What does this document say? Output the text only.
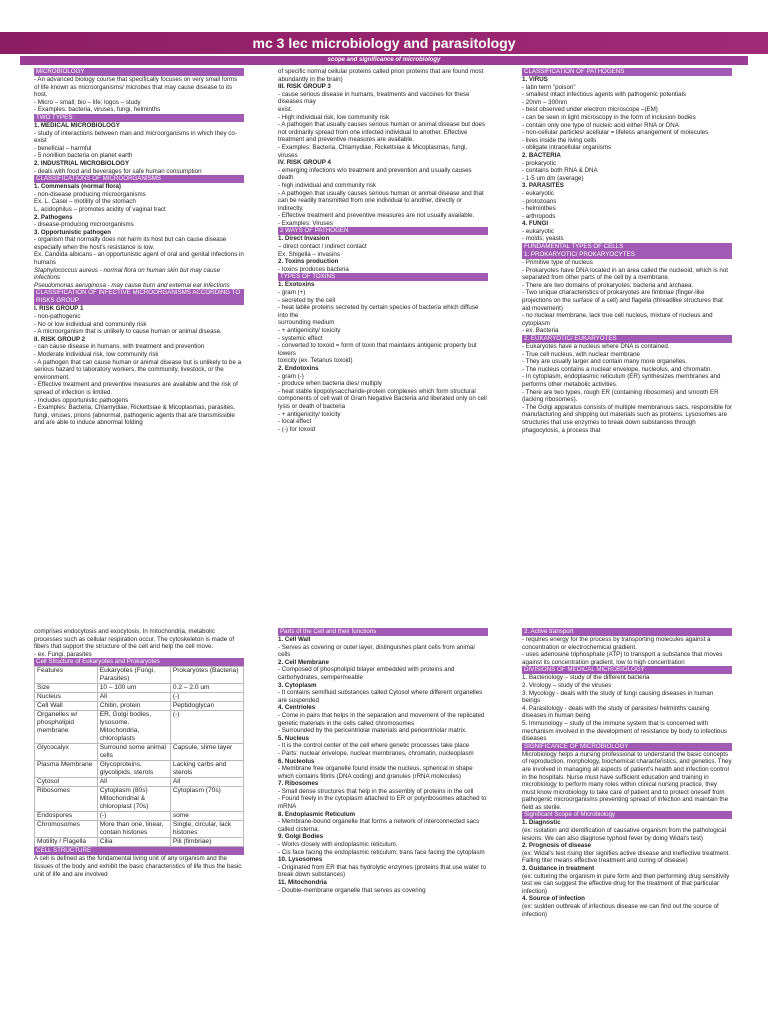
mc 3 lec microbiology and parasitology
scope and significance of microbiology
MICROBIOLOGY
- An advanced biology course that specifically focuses on very small forms of life known as microorganisms/ microbes that may cause disease to its host.
- Micro – small; bio – life; logos – study
- Examples: bacteria, viruses, fungi, helminths
TWO TYPES:
1. MEDICAL MICROBIOLOGY
- study of interactions between man and microorganisms in which they co-exist
- beneficial – harmful
- 5 nonillion bacteria on planet earth
2. INDUSTRIAL MICROBIOLOGY
- deals with food and beverages for safe human consumption
CLASSIFICATIONS OF MICROORGANISMS
1. Commensals (normal flora)
- non-disease producing microorganisms
Ex. L. Casei – motility of the stomach
L. acidophilus – promotes acidity of vaginal tract
2. Pathogens
- disease-producing microorganisms
3. Opportunistic pathogen
- organism that normally does not harm its host but can cause disease
especially when the host's resistance is low.
Ex. Candida albicans - an opportunistic agent of oral and genital infections in humans
Staphylococcus aureus - normal flora on human skin but may cause infections
Pseudomonas aeruginosa - may cause burn and external ear infections
CLASSIFICATION OF INFECTIVE MICROORGANISMS ACCORDING TO RISKS GROUP
I. RISK GROUP 1
- non-pathogenic
- No or low individual and community risk
- A microorganism that is unlikely to cause human or animal disease.
II. RISK GROUP 2
- can cause disease in humans, with treatment and prevention
- Moderate individual risk, low community risk
- A pathogen that can cause human or animal disease but is unlikely to be a serious hazard to laboratory workers, the community, livestock, or the environment.
- Effective treatment and preventive measures are available and the risk of spread of infection is limited.
- Includes opportunistic pathogens
- Examples: Bacteria, Chlamydiae, Rickettsiae & Micoplasmas, parasites, fungi, viruses, prions (abnormal, pathogenic agents that are transmissible and are able to induce abnormal folding
of specific normal cellular proteins called prion proteins that are found most abundantly in the brain)
III. RISK GROUP 3
- cause serious disease in humans, treatments and vaccines for these diseases may
exist.
- High individual risk, low community risk
- A pathogen that usually causes serious human or animal disease but does not ordinarily spread from one infected individual to another. Effective treatment and preventive measures are available.
- Examples: Bacteria, Chlamydiae, Rickettsiae & Micoplasmas, fungi, viruses
IV. RISK GROUP 4
- emerging infections w/o treatment and prevention and usually causes death
- high individual and community risk
- A pathogen that usually causes serious human or animal disease and that can be readily transmitted from one individual to another, directly or indirectly.
- Effective treatment and preventive measures are not usually available.
- Examples: Viruses
2 WAYS OF PATHOGEN
1. Direct Invasion
– direct contact / indirect contact
Ex. Shigella – invasins
2. Toxins production
- toxins produces bacteria
TYPES OF TOXINS
1. Exotoxins
- gram (+)
- secreted by the cell
- heat labile proteins secreted by certain species of bacteria which diffuse into the
surrounding medium
- + antigenicity/ toxicity
- systemic effect
- converted to toxoid = form of toxin that maintains antigenic property but lowers
toxicity (ex. Tetanus toxoid)
2. Endotoxins
- gram (-)
- produce when bacteria dies/ multiply
- heat stable lipopolysaccharide-protein complexes which form structural components of cell wall of Gram Negative Bacteria and liberated only on cell lysis or death of bacteria
- + antigenicity/ toxicity
- local effect
- (-) for toxoid
CLASSIFICATION OF PATHOGENS
1. VIRUS
- latin term "poison"
- smallest intact infectious agents with pathogenic potentials
- 20nm – 300nm
- best observed under electron microscope –(EM)
- can be seen in light microscopy in the form of inclusion bodies
- contain only one type of nucleic acid either RNA or DNA
- non-cellular particles/ acellular = lifeless arrangement of molecules
- lives inside the living cells
- obligate intracellular organisms
2. BACTERIA
- prokaryotic
- contains both RNA & DNA
- 1-5 um dm (average)
3. PARASITES
- eukaryotic
- protozoans
- helminthes
- arthropods
4. FUNGI
- eukaryotic
- molds; yeasts
FUNDAMENTAL TYPES OF CELLS
1. PROKARYOTIC/ PROKARYOCYTES
- Primitive type of nucleus
- Prokaryotes have DNA located in an area called the nucleoid, which is not separated from other parts of the cell by a membrane.
- There are two domains of prokaryotes: bacteria and archaea.
- Two unique characteristics of prokaryotes are fimbriae (finger-like projections on the surface of a cell) and flagella (threadlike structures that aid movement)
- no nuclear membrane, lack true cell nucleus, mixture of nucleus and cytoplasm
- ex. Bacteria
2. EUKARYOTIC/ EUKARYOTES
- Eukaryotes have a nucleus where DNA is contained.
- True cell nucleus, with nuclear membrane
- They are usually larger and contain many more organelles.
- The nucleus contains a nuclear envelope, nucleolus, and chromatin.
- In cytoplasm, endoplasmic reticulum (ER) synthesizes membranes and performs other metabolic activities.
- There are two types, rough ER (containing ribosomes) and smooth ER (lacking ribosomes).
- The Golgi apparatus consists of multiple membranous sacs, responsible for manufacturing and shipping out materials such as proteins. Lysosomes are structures that use enzymes to break down substances through phagocytosis, a process that
comprises endocytosis and exocytosis. In mitochondria, metabolic processes such as cellular respiration occur. The cytoskeleton is made of fibers that support the structure of the cell and help the cell move.
- ex. Fungi, parasites
Cell Structure of Eukaryotes and Prokaryotes
Features	Eukaryotes (Fungi, Parasites)	Prokaryotes (Bacteria)
Size	10 – 100 um	0.2 – 2.0 um
Nucleus	All	(-)
Cell Wall	Chitin, protein	Peptidoglycan
Organelles w/ phospholipid membrane	ER, Golgi bodies, lysosome. Mitochondria, chloroplasts	(-)
Glycocalyx	Surround some animal cells	Capsule, slime layer
Plasma Membrane	Glycoproteins, glycolipids, sterols	Lacking carbs and sterols
Cytosol	All	All
Ribosomes	Cytoplasm (80s) Mitochondrial & chloroplast (70s)	Cytoplasm (70s)
Endospores	(-)	some
Chromosomes	More than one, linear, contain histones	Single, circular, lack histones
Motility / Flagella	Cilia	Pili (fimbriae)
CELL STRUCTURE
A cell is defined as the fundamental living unit of any organism and the tissues of the body and exhibit the basic characteristics of life thus the basic unit of life and are involved
Parts of the Cell and their functions
1. Cell Wall
- Serves as covering or outer layer, distinguishes plant cells from animal cells
2. Cell Membrane
- Composed of phospholipid bilayer embedded with proteins and carbohydrates, semipermeable
3. Cytoplasm
- It contains semifluid substances called Cytosol where different organelles are suspended
4. Centrioles
- Come in pairs that helps in the separation and movement of the replicated genetic materials in the cells called chromosomes
- Surrounded by the pericentriolar materials and pericentriolar matrix.
5. Nucleus
- It is the control center of the cell where genetic processes take place
- Parts: nuclear envelope, nuclear membranes, chromatin, nucleoplasm
6. Nucleolus
- Membrane free organelle found inside the nucleus, spherical in shape which contains fibrils (DNA coding) and granules (rRNA molecules)
7. Ribosomes
- Small dense structures that help in the assembly of proteins in the cell
- Found freely in the cytoplasm attached to ER or polyribosomes attached to mRNA
8. Endoplasmic Reticulum
- Membrane-bound organelle that forms a network of interconnected sacs called cisterna.
9. Golgi Bodies
- Works closely with endoplasmic reticulum.
- Cis face facing the endoplasmic reticulum; trans face facing the cytoplasm
10. Lysosomes
- Originated from ER that has hydrolytic enzymes (proteins that use water to break down substances)
11. Mitochondria
- Double-membrane organelle that serves as covering
2. Active transport
- requires energy for the process by transporting molecules against a concentration or electrochemical gradient.
- uses adenosine triphosphate (ATP) to transport a substance that moves against its concentration gradient, low to high concentration
DIVISIONS OF MEDICAL MICROBIOLOGY
1. Bacteriology – study of the different bacteria
2. Virology – study of the viruses
3. Mycology - deals with the study of fungi causing diseases in human beings
4. Parasitology - deals with the study of parasites/ helminths causing diseases in human being
5. Immunology – study of the immune system that is concerned with mechanism involved in the development of resistance by body to infectious diseases
SIGNIFICANCE OF MICROBIOLOGY
Microbiology helps a nursing professional to understand the basic concepts of reproduction, morphology, biochemical characteristics, and genetics. They are involved in managing all aspects of patient's health and infection control in the hospitals. Nurse must have sufficient education and training in microbiology to perform many roles within clinical nursing practice, they must know microbiology to take care of patient and to protect oneself from pathogenic microorganisms preventing spread of infection and maintain the field as sterile.
Significant Scope of Microbiology
1. Diagnostic
(ex: isolation and identification of causative organism from the pathological lesions. We can also diagnose typhoid fever by doing Widal's test)
2. Prognosis of disease
(ex: Widal's test rising titer signifies active disease and ineffective treatment. Falling titer means effective treatment and curing of disease)
3. Guidance in treatment
(ex: culturing the organism in pure form and then performing drug sensitivity test we can suggest the effective drug for the treatment of that particular infection)
4. Source of infection
(ex: sudden outbreak of infectious disease we can find out the source of infection)
